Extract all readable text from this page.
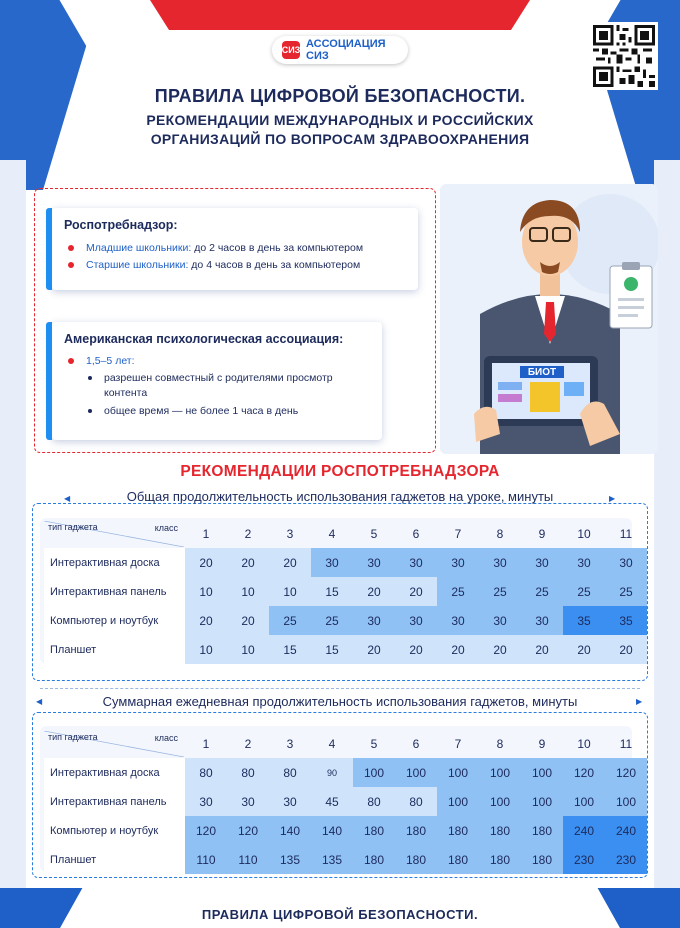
СИЗ АССОЦИАЦИЯ СИЗ
ПРАВИЛА ЦИФРОВОЙ БЕЗОПАСНОСТИ.
РЕКОМЕНДАЦИИ МЕЖДУНАРОДНЫХ И РОССИЙСКИХ
ОРГАНИЗАЦИЙ ПО ВОПРОСАМ ЗДРАВООХРАНЕНИЯ
Роспотребнадзор:
Младшие школьники: до 2 часов в день за компьютером
Старшие школьники: до 4 часов в день за компьютером
Американская психологическая ассоциация:
1,5–5 лет:
разрешен совместный с родителями просмотр контента
общее время — не более 1 часа в день
БИОТ
РЕКОМЕНДАЦИИ РОСПОТРЕБНАДЗОРА
Общая продолжительность использования гаджетов на уроке, минуты
◀	▶
класс
тип гаджета	1	2	3	4	5	6	7	8	9	10	11
Интерактивная доска	20	20	20	30	30	30	30	30	30	30	30
Интерактивная панель	10	10	10	15	20	20	25	25	25	25	25
Компьютер и ноутбук	20	20	25	25	30	30	30	30	30	35	35
Планшет	10	10	15	15	20	20	20	20	20	20	20
Суммарная ежедневная продолжительность использования гаджетов, минуты
◀	▶
класс
тип гаджета	1	2	3	4	5	6	7	8	9	10	11
Интерактивная доска	80	80	80	90	100	100	100	100	100	120	120
Интерактивная панель	30	30	30	45	80	80	100	100	100	100	100
Компьютер и ноутбук	120	120	140	140	180	180	180	180	180	240	240
Планшет	110	110	135	135	180	180	180	180	180	230	230
ПРАВИЛА ЦИФРОВОЙ БЕЗОПАСНОСТИ.
